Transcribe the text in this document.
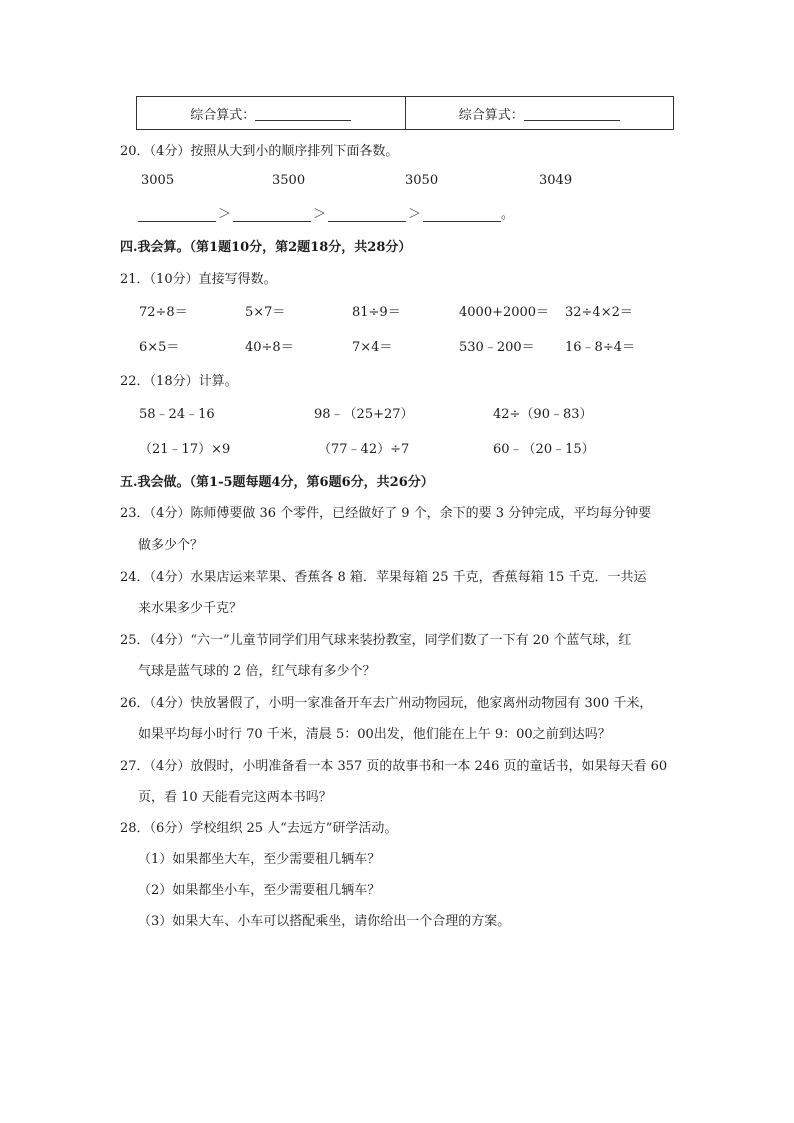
综合算式：	综合算式：
20．（4分）按照从大到小的顺序排列下面各数。
3005	3500	3050	3049
＞	＞	＞	。
四.我会算。（第1题10分，第2题18分，共28分）
21．（10分）直接写得数。
72÷8＝	5×7＝	81÷9＝	4000+2000＝ 32÷4×2＝
6×5＝	40÷8＝	7×4＝	530﹣200＝ 16﹣8÷4＝
22．（18分）计算。
58﹣24﹣16	98﹣（25+27）	42÷（90﹣83）
（21﹣17）×9	（77﹣42）÷7	60﹣（20﹣15）
五.我会做。（第1-5题每题4分，第6题6分，共26分）
23．（4分）陈师傅要做 36 个零件，已经做好了 9 个，余下的要 3 分钟完成，平均每分钟要
做多少个？
24．（4分）水果店运来苹果、香蕉各 8 箱．苹果每箱 25 千克，香蕉每箱 15 千克．一共运
来水果多少千克？
25．（4分）“六一”儿童节同学们用气球来装扮教室，同学们数了一下有 20 个蓝气球，红
气球是蓝气球的 2 倍，红气球有多少个？
26．（4分）快放暑假了，小明一家准备开车去广州动物园玩，他家离州动物园有 300 千米，
如果平均每小时行 70 千米，清晨 5：00出发，他们能在上午 9：00之前到达吗？
27．（4分）放假时，小明准备看一本 357 页的故事书和一本 246 页的童话书，如果每天看 60
页，看 10 天能看完这两本书吗？
28．（6分）学校组织 25 人“去远方”研学活动。
（1）如果都坐大车，至少需要租几辆车？
（2）如果都坐小车，至少需要租几辆车？
（3）如果大车、小车可以搭配乘坐，请你给出一个合理的方案。
